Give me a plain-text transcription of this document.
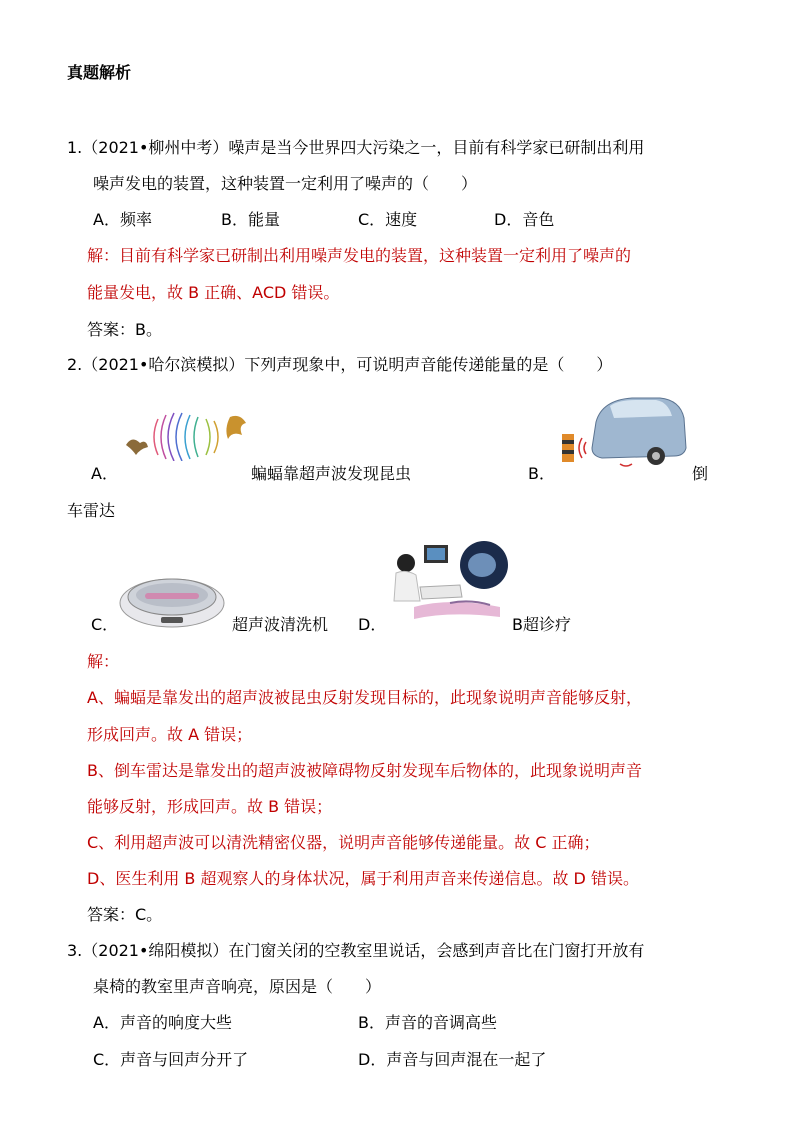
真题解析
1.（2021•柳州中考）噪声是当今世界四大污染之一，目前有科学家已研制出利用
噪声发电的装置，这种装置一定利用了噪声的（　　）
A．频率	B．能量	C．速度	D．音色
解：目前有科学家已研制出利用噪声发电的装置，这种装置一定利用了噪声的
能量发电，故 B 正确、ACD 错误。
答案：B。
2.（2021•哈尔滨模拟）下列声现象中，可说明声音能传递能量的是（　　）
A．	蝙蝠靠超声波发现昆虫	B．	倒
车雷达
C．	超声波清洗机 D．	B超诊疗
解：
A、蝙蝠是靠发出的超声波被昆虫反射发现目标的，此现象说明声音能够反射，
形成回声。故 A 错误；
B、倒车雷达是靠发出的超声波被障碍物反射发现车后物体的，此现象说明声音
能够反射，形成回声。故 B 错误；
C、利用超声波可以清洗精密仪器，说明声音能够传递能量。故 C 正确；
D、医生利用 B 超观察人的身体状况，属于利用声音来传递信息。故 D 错误。
答案：C。
3.（2021•绵阳模拟）在门窗关闭的空教室里说话，会感到声音比在门窗打开放有
桌椅的教室里声音响亮，原因是（　　）
A．声音的响度大些	B．声音的音调高些
C．声音与回声分开了	D．声音与回声混在一起了
